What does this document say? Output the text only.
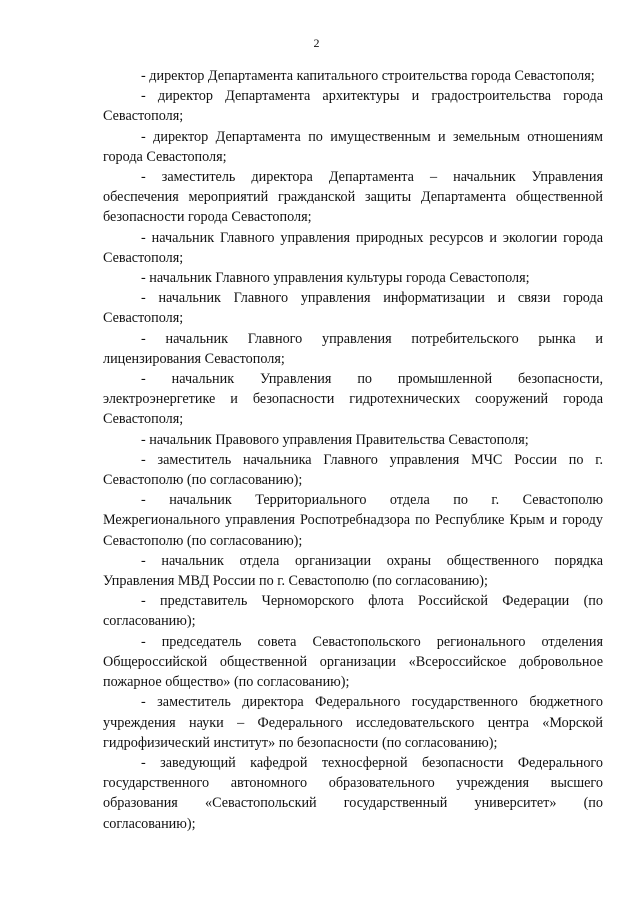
2

- директор Департамента капитального строительства города Севастополя;

- директор Департамента архитектуры и градостроительства города Севастополя;

- директор Департамента по имущественным и земельным отношениям города Севастополя;

- заместитель директора Департамента – начальник Управления обеспечения мероприятий гражданской защиты Департамента общественной безопасности города Севастополя;

- начальник Главного управления природных ресурсов и экологии города Севастополя;

- начальник Главного управления культуры города Севастополя;

- начальник Главного управления информатизации и связи города Севастополя;

- начальник Главного управления потребительского рынка и лицензирования Севастополя;

- начальник Управления по промышленной безопасности, электроэнергетике и безопасности гидротехнических сооружений города Севастополя;

- начальник Правового управления Правительства Севастополя;

- заместитель начальника Главного управления МЧС России по г. Севастополю (по согласованию);

- начальник Территориального отдела по г. Севастополю Межрегионального управления Роспотребнадзора по Республике Крым и городу Севастополю (по согласованию);

- начальник отдела организации охраны общественного порядка Управления МВД России по г. Севастополю (по согласованию);

- представитель Черноморского флота Российской Федерации (по согласованию);

- председатель совета Севастопольского регионального отделения Общероссийской общественной организации «Всероссийское добровольное пожарное общество» (по согласованию);

- заместитель директора Федерального государственного бюджетного учреждения науки – Федерального исследовательского центра «Морской гидрофизический институт» по безопасности (по согласованию);

- заведующий кафедрой техносферной безопасности Федерального государственного автономного образовательного учреждения высшего образования «Севастопольский государственный университет» (по согласованию);
